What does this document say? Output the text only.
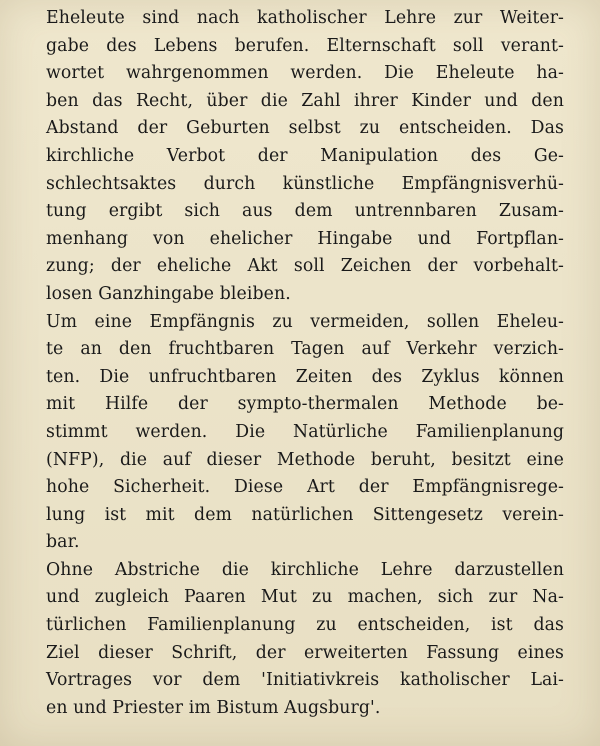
Eheleute sind nach katholischer Lehre zur Weiter-
gabe des Lebens berufen. Elternschaft soll verant-
wortet wahrgenommen werden. Die Eheleute ha-
ben das Recht, über die Zahl ihrer Kinder und den
Abstand der Geburten selbst zu entscheiden. Das
kirchliche Verbot der Manipulation des Ge-
schlechtsaktes durch künstliche Empfängnisverhü-
tung ergibt sich aus dem untrennbaren Zusam-
menhang von ehelicher Hingabe und Fortpflan-
zung; der eheliche Akt soll Zeichen der vorbehalt-
losen Ganzhingabe bleiben.
Um eine Empfängnis zu vermeiden, sollen Eheleu-
te an den fruchtbaren Tagen auf Verkehr verzich-
ten. Die unfruchtbaren Zeiten des Zyklus können
mit Hilfe der sympto-thermalen Methode be-
stimmt werden. Die Natürliche Familienplanung
(NFP), die auf dieser Methode beruht, besitzt eine
hohe Sicherheit. Diese Art der Empfängnisrege-
lung ist mit dem natürlichen Sittengesetz verein-
bar.
Ohne Abstriche die kirchliche Lehre darzustellen
und zugleich Paaren Mut zu machen, sich zur Na-
türlichen Familienplanung zu entscheiden, ist das
Ziel dieser Schrift, der erweiterten Fassung eines
Vortrages vor dem 'Initiativkreis katholischer Lai-
en und Priester im Bistum Augsburg'.
